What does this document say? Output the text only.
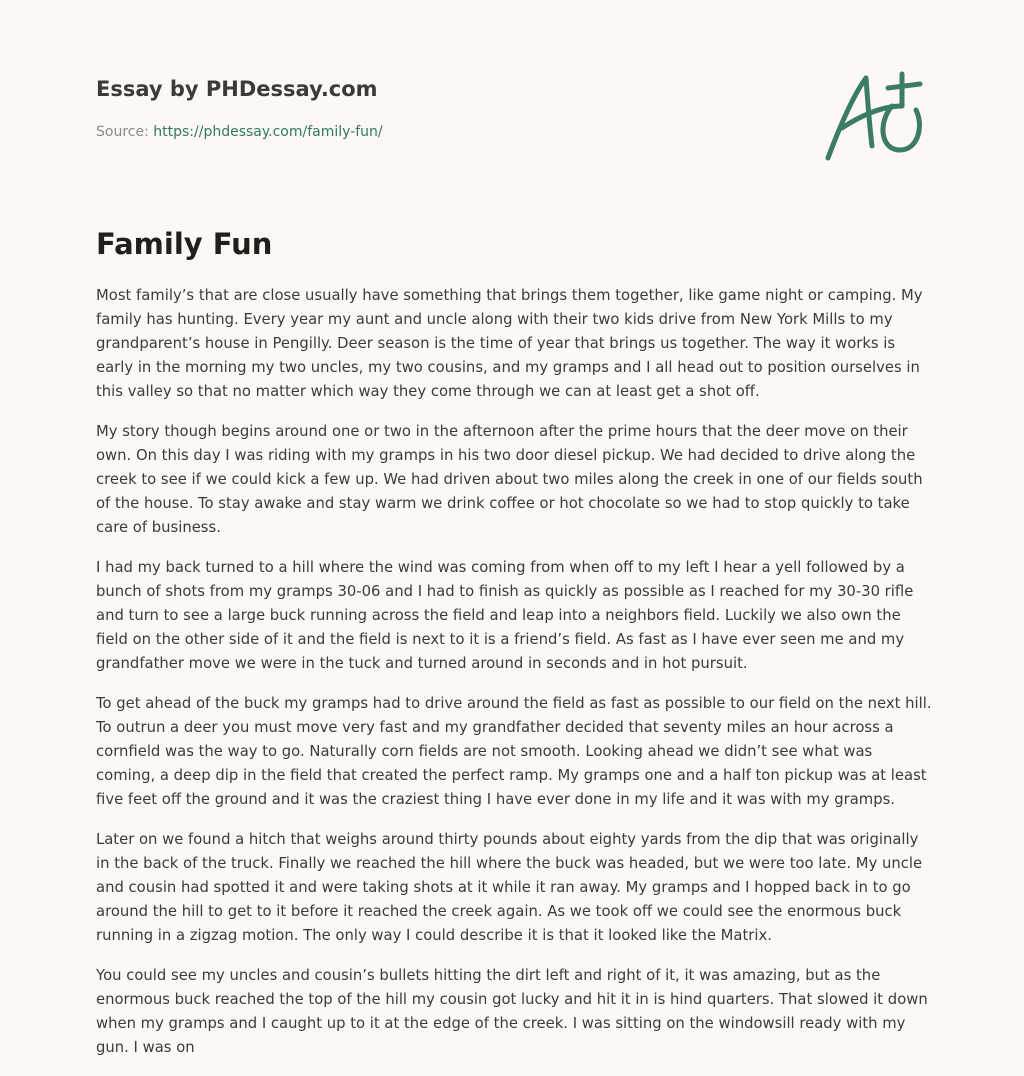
Essay by PHDessay.com
Source: https://phdessay.com/family-fun/
Family Fun

Most family’s that are close usually have something that brings them together, like game night or camping. My family has hunting. Every year my aunt and uncle along with their two kids drive from New York Mills to my grandparent’s house in Pengilly. Deer season is the time of year that brings us together. The way it works is early in the morning my two uncles, my two cousins, and my gramps and I all head out to position ourselves in this valley so that no matter which way they come through we can at least get a shot off.

My story though begins around one or two in the afternoon after the prime hours that the deer move on their own. On this day I was riding with my gramps in his two door diesel pickup. We had decided to drive along the creek to see if we could kick a few up. We had driven about two miles along the creek in one of our fields south of the house. To stay awake and stay warm we drink coffee or hot chocolate so we had to stop quickly to take care of business.

I had my back turned to a hill where the wind was coming from when off to my left I hear a yell followed by a bunch of shots from my gramps 30-06 and I had to finish as quickly as possible as I reached for my 30-30 rifle and turn to see a large buck running across the field and leap into a neighbors field. Luckily we also own the field on the other side of it and the field is next to it is a friend’s field. As fast as I have ever seen me and my grandfather move we were in the tuck and turned around in seconds and in hot pursuit.

To get ahead of the buck my gramps had to drive around the field as fast as possible to our field on the next hill. To outrun a deer you must move very fast and my grandfather decided that seventy miles an hour across a cornfield was the way to go. Naturally corn fields are not smooth. Looking ahead we didn’t see what was coming, a deep dip in the field that created the perfect ramp. My gramps one and a half ton pickup was at least five feet off the ground and it was the craziest thing I have ever done in my life and it was with my gramps.

Later on we found a hitch that weighs around thirty pounds about eighty yards from the dip that was originally in the back of the truck. Finally we reached the hill where the buck was headed, but we were too late. My uncle and cousin had spotted it and were taking shots at it while it ran away. My gramps and I hopped back in to go around the hill to get to it before it reached the creek again. As we took off we could see the enormous buck running in a zigzag motion. The only way I could describe it is that it looked like the Matrix.

You could see my uncles and cousin’s bullets hitting the dirt left and right of it, it was amazing, but as the enormous buck reached the top of the hill my cousin got lucky and hit it in is hind quarters. That slowed it down when my gramps and I caught up to it at the edge of the creek. I was sitting on the windowsill ready with my gun. I was on
